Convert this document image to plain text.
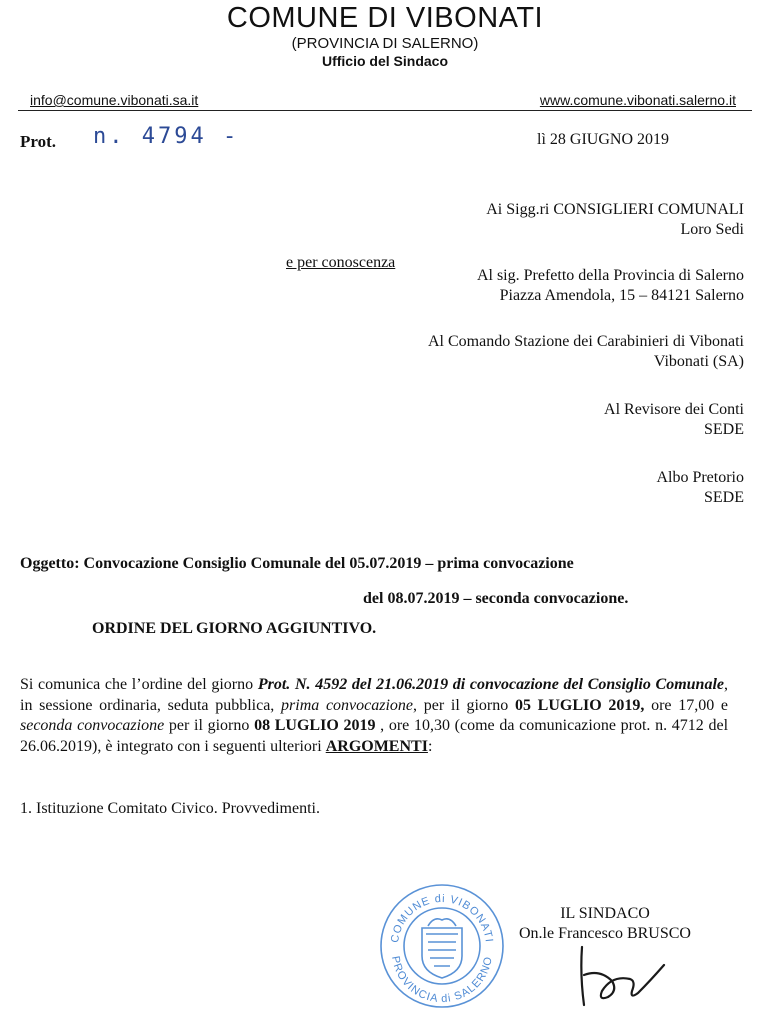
COMUNE DI VIBONATI
(PROVINCIA DI SALERNO)
Ufficio del Sindaco
info@comune.vibonati.sa.it	www.comune.vibonati.salerno.it
Prot. n. 4794 -	lì 28 GIUGNO 2019
Ai Sigg.ri CONSIGLIERI COMUNALI
Loro Sedi
Al sig. Prefetto della Provincia di Salerno
Piazza Amendola, 15 – 84121 Salerno
Al Comando Stazione dei Carabinieri di Vibonati
Vibonati (SA)
Al Revisore dei Conti
SEDE
Albo Pretorio
SEDE
e per conoscenza
Oggetto: Convocazione Consiglio Comunale del 05.07.2019 – prima convocazione
del 08.07.2019 – seconda convocazione.
ORDINE DEL GIORNO AGGIUNTIVO.
Si comunica che l’ordine del giorno Prot. N. 4592 del 21.06.2019 di convocazione del Consiglio Comunale, in sessione ordinaria, seduta pubblica, prima convocazione, per il giorno 05 LUGLIO 2019, ore 17,00 e seconda convocazione per il giorno 08 LUGLIO 2019 , ore 10,30 (come da comunicazione prot. n. 4712 del 26.06.2019), è integrato con i seguenti ulteriori ARGOMENTI:
1. Istituzione Comitato Civico. Provvedimenti.
COMUNE di VIBONATI
PROVINCIA di SALERNO
IL SINDACO
On.le Francesco BRUSCO
